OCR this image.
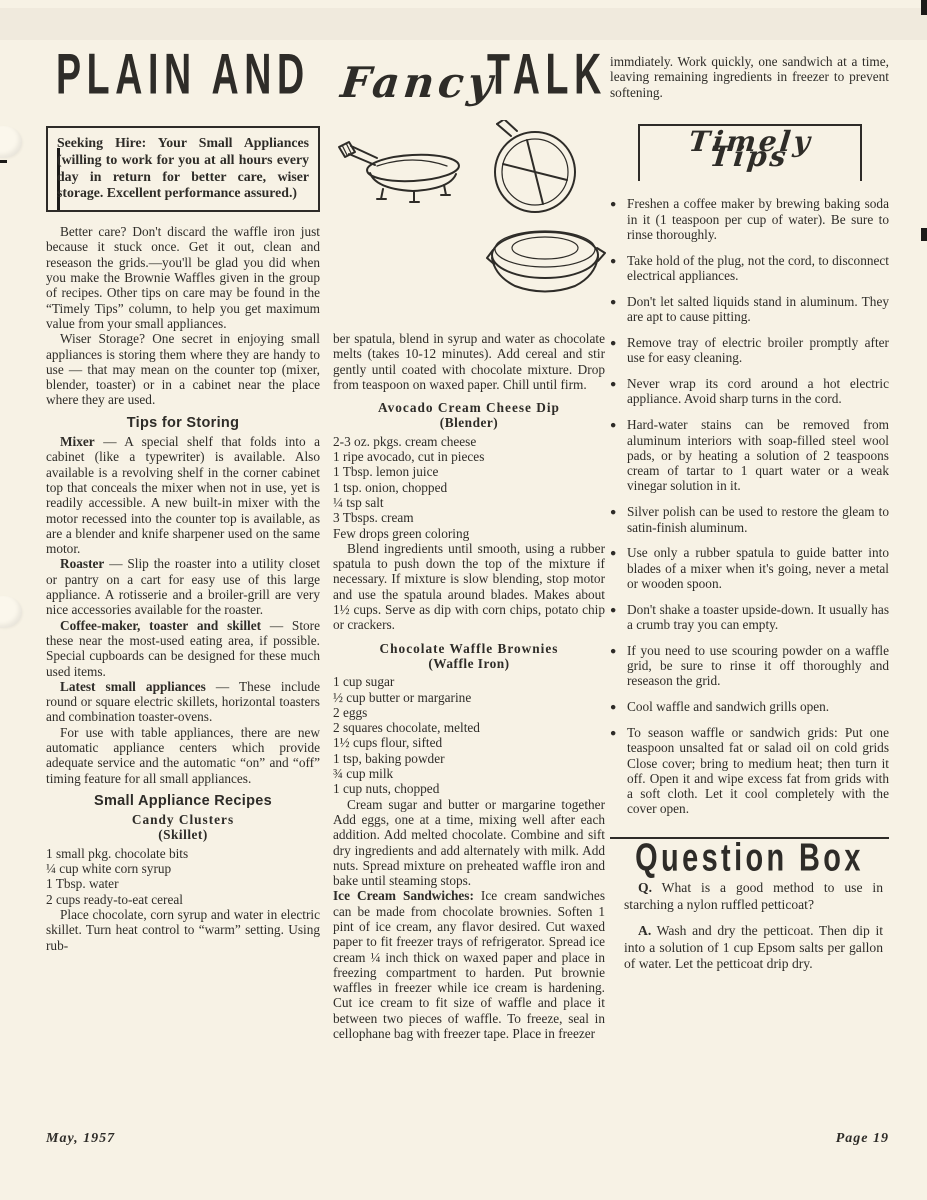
PLAIN AND Fancy
TALK
Seeking Hire: Your Small Appliances (willing to work for you at all hours every day in return for better care, wiser storage. Excellent performance assured.)

Better care? Don't discard the waffle iron just because it stuck once. Get it out, clean and reseason the grids.—you'll be glad you did when you make the Brownie Waffles given in the group of recipes. Other tips on care may be found in the “Timely Tips” column, to help you get maximum value from your small appliances.

Wiser Storage? One secret in enjoying small appliances is storing them where they are handy to use — that may mean on the counter top (mixer, blender, toaster) or in a cabinet near the place where they are used.

Tips for Storing

Mixer — A special shelf that folds into a cabinet (like a typewriter) is available. Also available is a revolving shelf in the corner cabinet top that conceals the mixer when not in use, yet is readily accessible. A new built-in mixer with the motor recessed into the counter top is available, as are a blender and knife sharpener used on the same motor.

Roaster — Slip the roaster into a utility closet or pantry on a cart for easy use of this large appliance. A rotisserie and a broiler-grill are very nice accessories available for the roaster.

Coffee-maker, toaster and skillet — Store these near the most-used eating area, if possible. Special cupboards can be designed for these much used items.

Latest small appliances — These include round or square electric skillets, horizontal toasters and combination toaster-ovens.

For use with table appliances, there are new automatic appliance centers which provide adequate service and the automatic “on” and “off” timing feature for all small appliances.

Small Appliance Recipes
Candy Clusters
(Skillet)
1 small pkg. chocolate bits
¼ cup white corn syrup
1 Tbsp. water
2 cups ready-to-eat cereal

Place chocolate, corn syrup and water in electric skillet. Turn heat control to “warm” setting. Using rub-

ber spatula, blend in syrup and water as chocolate melts (takes 10-12 minutes). Add cereal and stir gently until coated with chocolate mixture. Drop from teaspoon on waxed paper. Chill until firm.

Avocado Cream Cheese Dip
(Blender)
2-3 oz. pkgs. cream cheese
1 ripe avocado, cut in pieces
1 Tbsp. lemon juice
1 tsp. onion, chopped
¼ tsp salt
3 Tbsps. cream
Few drops green coloring

Blend ingredients until smooth, using a rubber spatula to push down the top of the mixture if necessary. If mixture is slow blending, stop motor and use the spatula around blades. Makes about 1½ cups. Serve as dip with corn chips, potato chip or crackers.

Chocolate Waffle Brownies
(Waffle Iron)
1 cup sugar
½ cup butter or margarine
2 eggs
2 squares chocolate, melted
1½ cups flour, sifted
1 tsp, baking powder
¾ cup milk
1 cup nuts, chopped

Cream sugar and butter or margarine together Add eggs, one at a time, mixing well after each addition. Add melted chocolate. Combine and sift dry ingredients and add alternately with milk. Add nuts. Spread mixture on preheated waffle iron and bake until steaming stops.

Ice Cream Sandwiches: Ice cream sandwiches can be made from chocolate brownies. Soften 1 pint of ice cream, any flavor desired. Cut waxed paper to fit freezer trays of refrigerator. Spread ice cream ¼ inch thick on waxed paper and place in freezing compartment to harden. Put brownie waffles in freezer while ice cream is hardening. Cut ice cream to fit size of waffle and place it between two pieces of waffle. To freeze, seal in cellophane bag with freezer tape. Place in freezer

immdiately. Work quickly, one sandwich at a time, leaving remaining ingredients in freezer to prevent softening.

Timely Tips
● Freshen a coffee maker by brewing baking soda in it (1 teaspoon per cup of water). Be sure to rinse thoroughly.
● Take hold of the plug, not the cord, to disconnect electrical appliances.
● Don't let salted liquids stand in aluminum. They are apt to cause pitting.
● Remove tray of electric broiler promptly after use for easy cleaning.
● Never wrap its cord around a hot electric appliance. Avoid sharp turns in the cord.
● Hard-water stains can be removed from aluminum interiors with soap-filled steel wool pads, or by heating a solution of 2 teaspoons cream of tartar to 1 quart water or a weak vinegar solution in it.
● Silver polish can be used to restore the gleam to satin-finish aluminum.
● Use only a rubber spatula to guide batter into blades of a mixer when it's going, never a metal or wooden spoon.
● Don't shake a toaster upside-down. It usually has a crumb tray you can empty.
● If you need to use scouring powder on a waffle grid, be sure to rinse it off thoroughly and reseason the grid.
● Cool waffle and sandwich grills open.
● To season waffle or sandwich grids: Put one teaspoon unsalted fat or salad oil on cold grids Close cover; bring to medium heat; then turn it off. Open it and wipe excess fat from grids with a soft cloth. Let it cool completely with the cover open.
Question Box

Q. What is a good method to use in starching a nylon ruffled petticoat?

A. Wash and dry the petticoat. Then dip it into a solution of 1 cup Epsom salts per gallon of water. Let the petticoat drip dry.

May, 1957	Page 19
